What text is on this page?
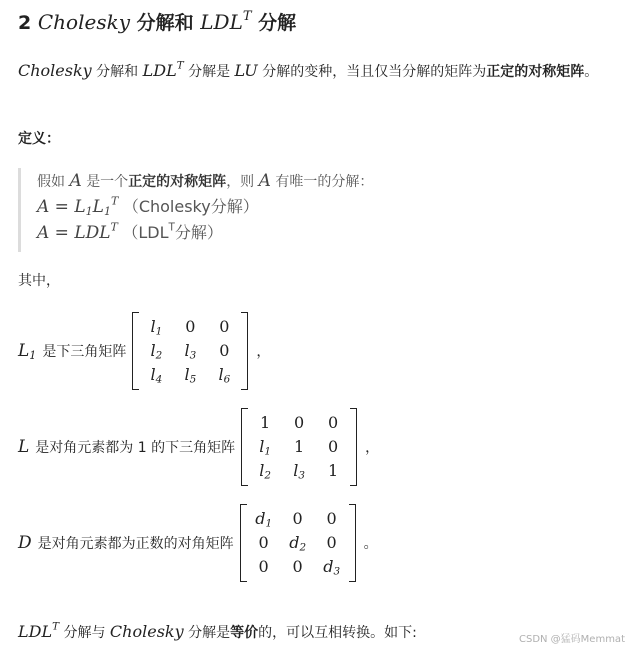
2 Cholesky 分解和 $LDL^T$ 分解
Cholesky 分解和 $LDL^T$ 分解是 LU 分解的变种，当且仅当分解的矩阵为正定的对称矩阵。
定义：
假如 A 是一个正定的对称矩阵，则 A 有唯一的分解：
$A = L_1L_1^T$ （Cholesky分解）
$A = LDL^T$ （$LDL^T$分解）
其中，
$L_1$ 是下三角矩阵
$l_1$	0	0
$l_2$	$l_3$	0
$l_4$	$l_5$	$l_6$
，
L 是对角元素都为 1 的下三角矩阵
1	0	0
$l_1$	1	0
$l_2$	$l_3$	1
，
D 是对角元素都为正数的对角矩阵
$d_1$	0	0
0	$d_2$	0
0	0	$d_3$
。
$LDL^T$ 分解与 Cholesky 分解是等价的，可以互相转换。如下:	CSDN @猛码Memmat
